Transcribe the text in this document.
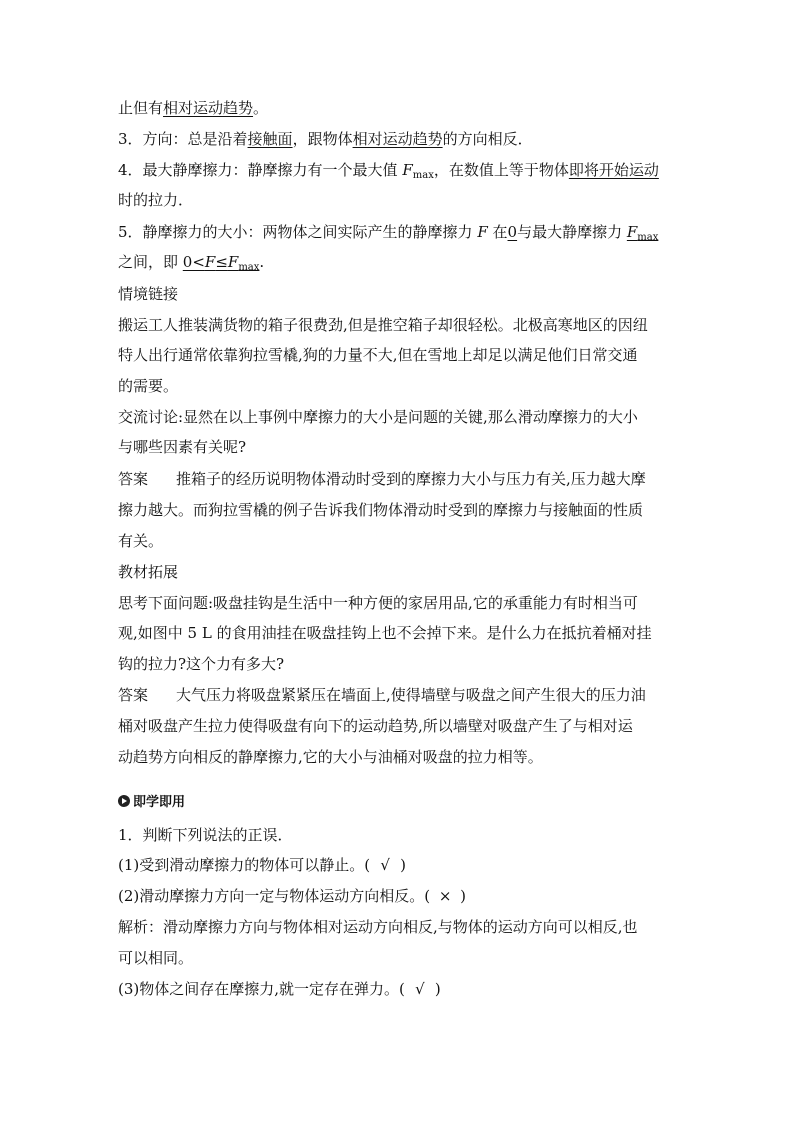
止但有相对运动趋势。
3．方向：总是沿着接触面，跟物体相对运动趋势的方向相反．
4．最大静摩擦力：静摩擦力有一个最大值 $F_{max}$，在数值上等于物体即将开始运动
时的拉力．
5．静摩擦力的大小：两物体之间实际产生的静摩擦力 F 在0与最大静摩擦力 $F_{max}$
之间，即 $0<F\le F_{max}$.
情境链接
搬运工人推装满货物的箱子很费劲,但是推空箱子却很轻松。北极高寒地区的因纽
特人出行通常依靠狗拉雪橇,狗的力量不大,但在雪地上却足以满足他们日常交通
的需要。
交流讨论:显然在以上事例中摩擦力的大小是问题的关键,那么滑动摩擦力的大小
与哪些因素有关呢?
答案 推箱子的经历说明物体滑动时受到的摩擦力大小与压力有关,压力越大摩
擦力越大。而狗拉雪橇的例子告诉我们物体滑动时受到的摩擦力与接触面的性质
有关。
教材拓展
思考下面问题:吸盘挂钩是生活中一种方便的家居用品,它的承重能力有时相当可
观,如图中 5 L 的食用油挂在吸盘挂钩上也不会掉下来。是什么力在抵抗着桶对挂
钩的拉力?这个力有多大?
答案 大气压力将吸盘紧紧压在墙面上,使得墙壁与吸盘之间产生很大的压力油
桶对吸盘产生拉力使得吸盘有向下的运动趋势,所以墙壁对吸盘产生了与相对运
动趋势方向相反的静摩擦力,它的大小与油桶对吸盘的拉力相等。
即学即用
1．判断下列说法的正误．
(1)受到滑动摩擦力的物体可以静止。( √ )
(2)滑动摩擦力方向一定与物体运动方向相反。( × )
解析：滑动摩擦力方向与物体相对运动方向相反,与物体的运动方向可以相反,也
可以相同。
(3)物体之间存在摩擦力,就一定存在弹力。( √ )
